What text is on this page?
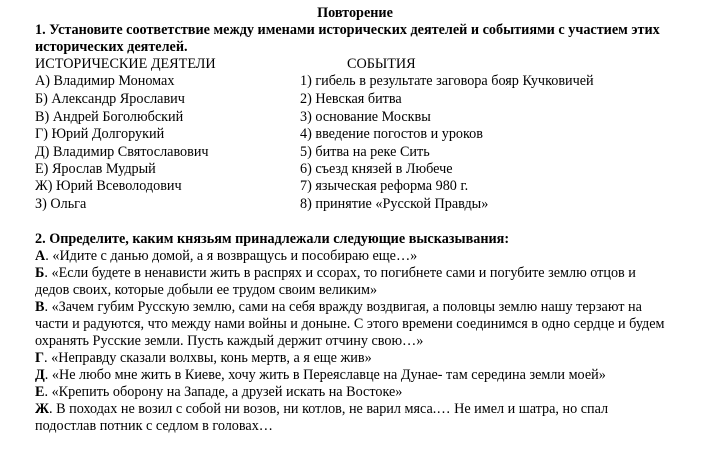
Повторение
1. Установите соответствие между именами исторических деятелей и событиями с участием этих
исторических деятелей.
ИСТОРИЧЕСКИЕ ДЕЯТЕЛИ	СОБЫТИЯ
А) Владимир Мономах
Б) Александр Ярославич
В) Андрей Боголюбский
Г) Юрий Долгорукий
Д) Владимир Святославович
Е) Ярослав Мудрый
Ж) Юрий Всеволодович
З) Ольга
1) гибель в результате заговора бояр Кучковичей
2) Невская битва
3) основание Москвы
4) введение погостов и уроков
5) битва на реке Сить
6) съезд князей в Любече
7) языческая реформа 980 г.
8) принятие «Русской Правды»
2. Определите, каким князьям принадлежали следующие высказывания:
А. «Идите с данью домой, а я возвращусь и пособираю еще…»
Б. «Если будете в ненависти жить в распрях и ссорах, то погибнете сами и погубите землю отцов и
дедов своих, которые добыли ее трудом своим великим»
В. «Зачем губим Русскую землю, сами на себя вражду воздвигая, а половцы землю нашу терзают на
части и радуются, что между нами войны и доныне. С этого времени соединимся в одно сердце и будем
охранять Русские земли. Пусть каждый держит отчину свою…»
Г. «Неправду сказали волхвы, конь мертв, а я еще жив»
Д. «Не любо мне жить в Киеве, хочу жить в Переяславце на Дунае- там середина земли моей»
Е. «Крепить оборону на Западе, а друзей искать на Востоке»
Ж. В походах не возил с собой ни возов, ни котлов, не варил мяса.… Не имел и шатра, но спал
подостлав потник с седлом в головах…
